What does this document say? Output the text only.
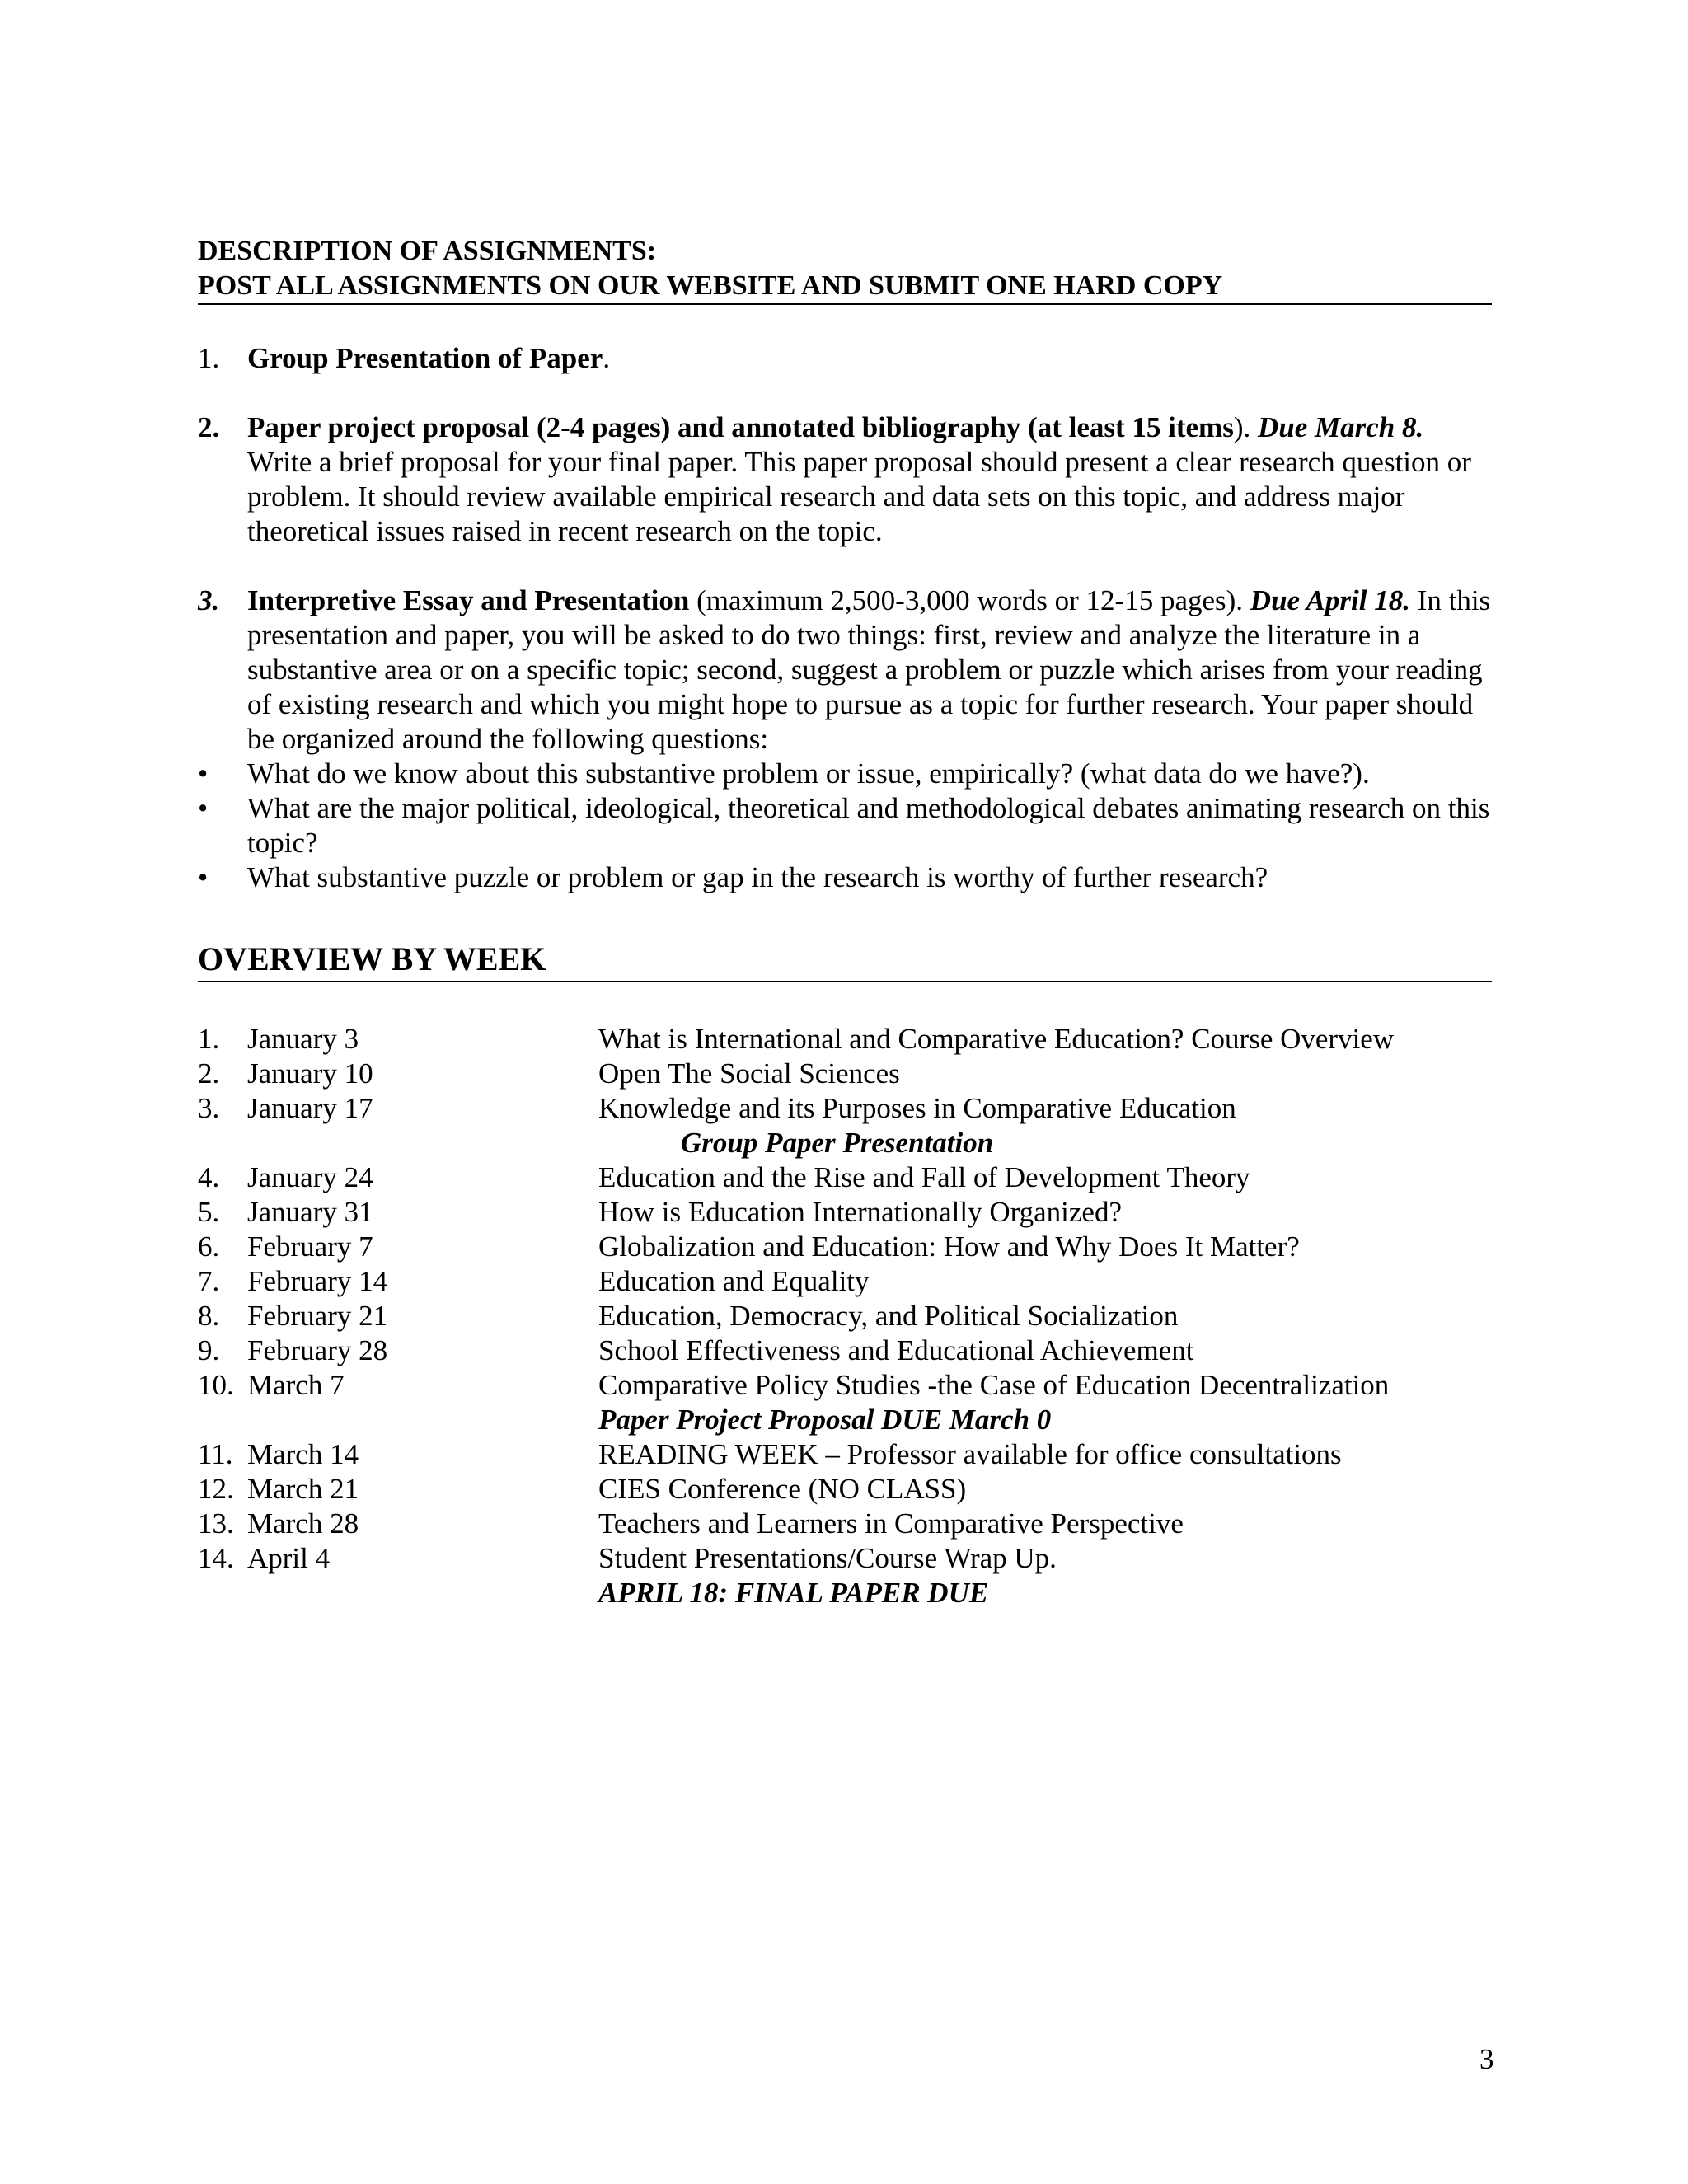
DESCRIPTION OF ASSIGNMENTS:
POST ALL ASSIGNMENTS ON OUR WEBSITE AND SUBMIT ONE HARD COPY
1. Group Presentation of Paper.
2. Paper project proposal (2-4 pages) and annotated bibliography (at least 15 items). Due March 8. Write a brief proposal for your final paper. This paper proposal should present a clear research question or problem. It should review available empirical research and data sets on this topic, and address major theoretical issues raised in recent research on the topic.
3. Interpretive Essay and Presentation (maximum 2,500-3,000 words or 12-15 pages). Due April 18. In this presentation and paper, you will be asked to do two things: first, review and analyze the literature in a substantive area or on a specific topic; second, suggest a problem or puzzle which arises from your reading of existing research and which you might hope to pursue as a topic for further research. Your paper should be organized around the following questions:
•	What do we know about this substantive problem or issue, empirically? (what data do we have?).
•	What are the major political, ideological, theoretical and methodological debates animating research on this topic?
•	What substantive puzzle or problem or gap in the research is worthy of further research?
OVERVIEW BY WEEK
1. January 3	What is International and Comparative Education? Course Overview
2. January 10	Open The Social Sciences
3. January 17	Knowledge and its Purposes in Comparative Education
Group Paper Presentation
4. January 24	Education and the Rise and Fall of Development Theory
5. January 31	How is Education Internationally Organized?
6. February 7	Globalization and Education: How and Why Does It Matter?
7. February 14	Education and Equality
8. February 21	Education, Democracy, and Political Socialization
9. February 28	School Effectiveness and Educational Achievement
10. March 7	Comparative Policy Studies -the Case of Education Decentralization
Paper Project Proposal DUE March 0
11. March 14	READING WEEK – Professor available for office consultations
12. March 21	CIES Conference (NO CLASS)
13. March 28	Teachers and Learners in Comparative Perspective
14. April 4	Student Presentations/Course Wrap Up.
APRIL 18: FINAL PAPER DUE
3
